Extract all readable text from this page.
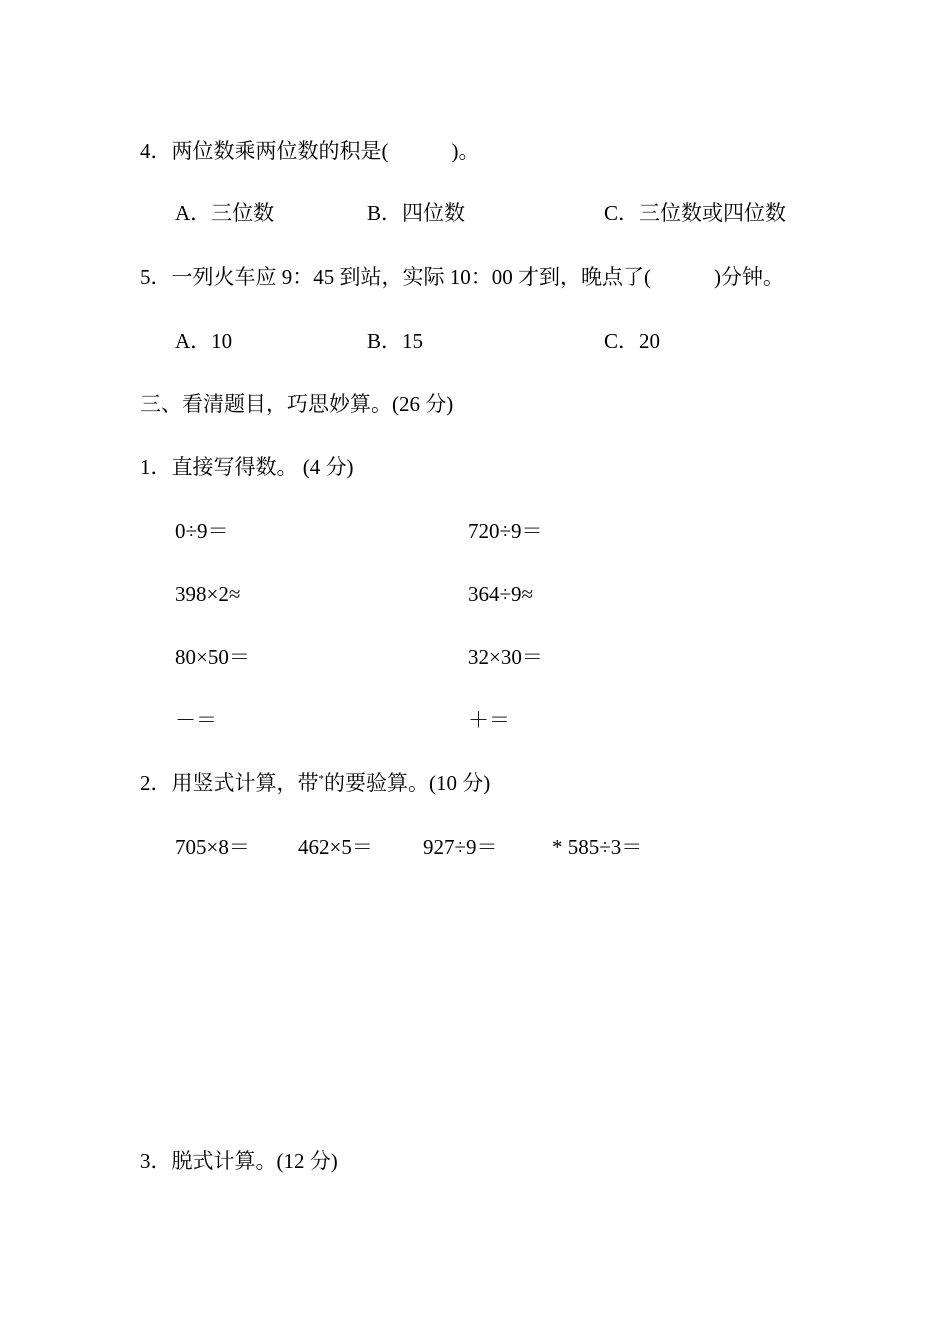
4．两位数乘两位数的积是(　　　)。
A．三位数	B．四位数	C．三位数或四位数
5．一列火车应 9：45 到站，实际 10：00 才到，晚点了(　　　)分钟。
A．10	B．15	C．20
三、看清题目，巧思妙算。(26 分)
1．直接写得数。 (4 分)
0÷9＝	720÷9＝
398×2≈	364÷9≈
80×50＝	32×30＝
－＝	＋＝
2．用竖式计算，带*的要验算。(10 分)
705×8＝ 462×5＝ 927÷9＝	* 585÷3＝
3．脱式计算。(12 分)
